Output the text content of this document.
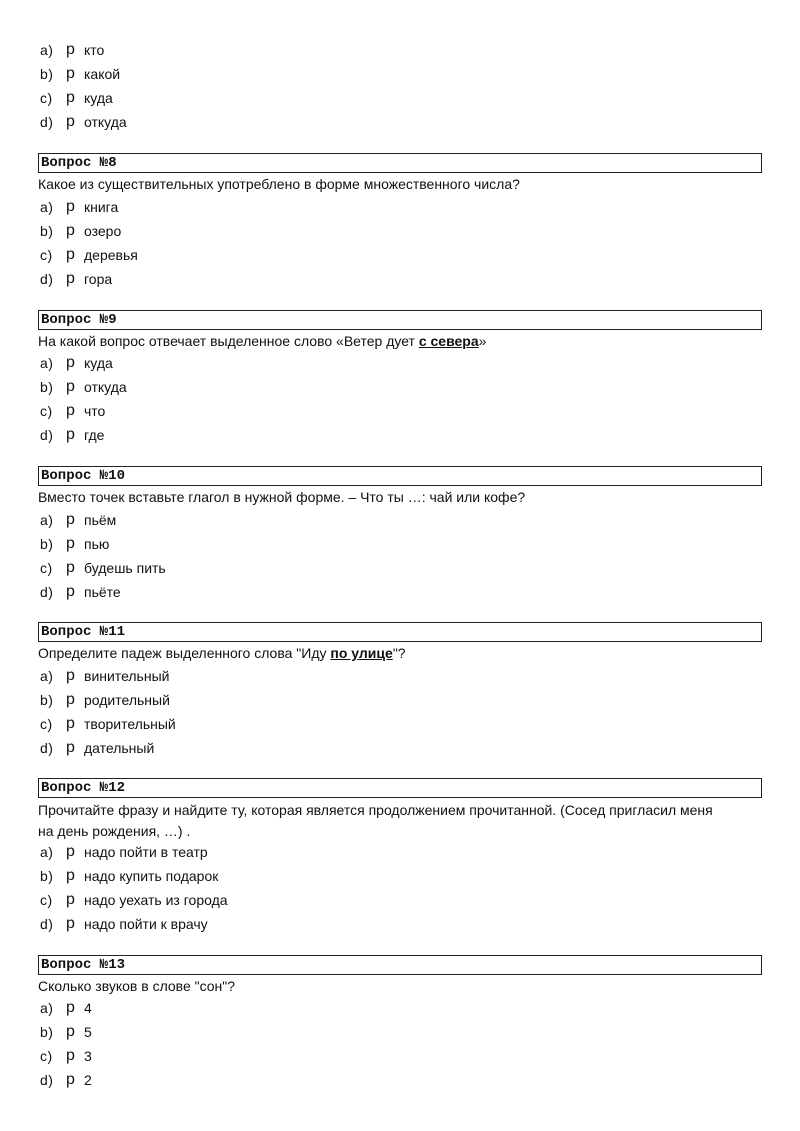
a) р кто
b) р какой
c) р куда
d) р откуда
Вопрос №8
Какое из существительных употреблено в форме множественного числа?
a) р книга
b) р озеро
c) р деревья
d) р гора
Вопрос №9
На какой вопрос отвечает выделенное слово «Ветер дует с севера»
a) р куда
b) р откуда
c) р что
d) р где
Вопрос №10
Вместо точек вставьте глагол в нужной форме. – Что ты …: чай или кофе?
a) р пьём
b) р пью
c) р будешь пить
d) р пьёте
Вопрос №11
Определите падеж выделенного слова "Иду по улице"?
a) р винительный
b) р родительный
c) р творительный
d) р дательный
Вопрос №12
Прочитайте фразу и найдите ту, которая является продолжением прочитанной. (Сосед пригласил меня
на день рождения, …) .
a) р надо пойти в театр
b) р надо купить подарок
c) р надо уехать из города
d) р надо пойти к врачу
Вопрос №13
Сколько звуков в слове "сон"?
a) р 4
b) р 5
c) р 3
d) р 2
